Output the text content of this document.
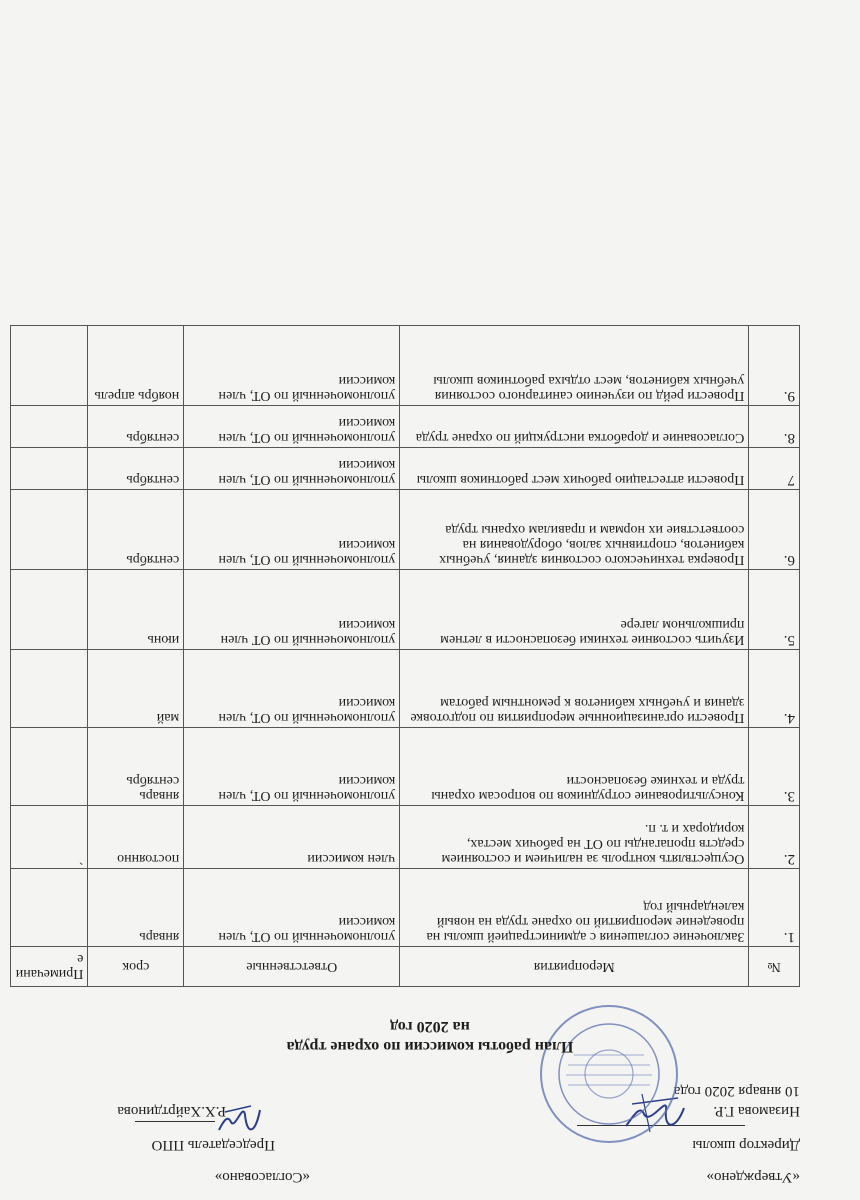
«Утверждено»
«Согласовано»
Директор школы
Председатель ППО
Низамова Г.Р.
Р.Х.Хайртдинова
10 января 2020 года
План работы комиссии по охране труда
на 2020 год
№	Мероприятия	Ответственные	срок	Примечание
1.	Заключение соглашения с администрацией школы на проведение мероприятий по охране труда на новый календарный год	уполномоченный по ОТ, член комиссии	январь	
2.	Осуществлять контроль за наличием и состоянием средств пропаганды по ОТ на рабочих местах, коридорах и т. п.	член комиссии	постоянно	`
3.	Консультирование сотрудников по вопросам охраны труда и технике безопасности	уполномоченный по ОТ, член комиссии	январь сентябрь	
4.	Провести организационные мероприятия по подготовке здания и учебных кабинетов к ремонтным работам	уполномоченный по ОТ, член комиссии	май	
5.	Изучить состояние техники безопасности в летнем пришкольном лагере	уполномоченный по ОТ член комиссии	июнь	
6.	Проверка технического состояния здания, учебных кабинетов, спортивных залов, оборудования на соответствие их нормам и правилам охраны труда	уполномоченный по ОТ, член комиссии	сентябрь	
7	Провести аттестацию рабочих мест работников школы	уполномоченный по ОТ, член комиссии	сентябрь	
8.	Согласование и доработка инструкций по охране труда	уполномоченный по ОТ, член комиссии	сентябрь	
9.	Провести рейд по изучению санитарного состояния учебных кабинетов, мест отдыха работников школы	уполномоченный по ОТ, член комиссии	ноябрь апрель	
